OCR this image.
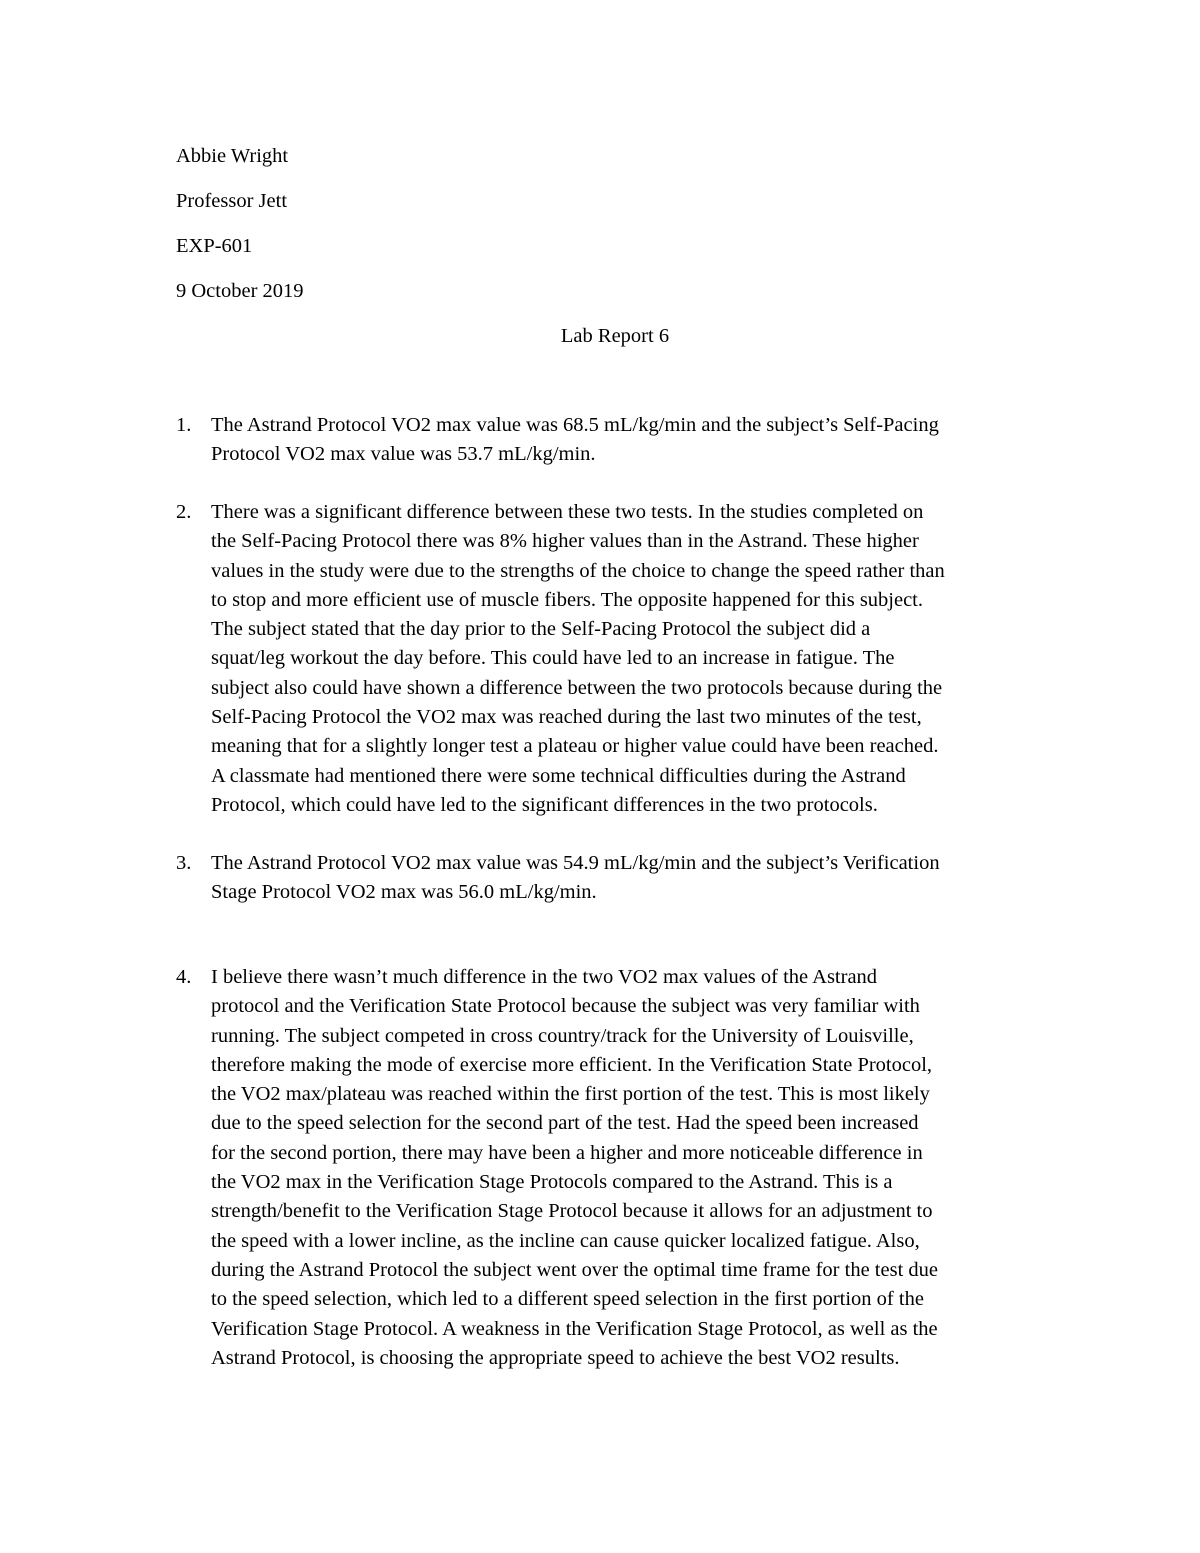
Abbie Wright
Professor Jett
EXP-601
9 October 2019
Lab Report 6
1. The Astrand Protocol VO2 max value was 68.5 mL/kg/min and the subject’s Self-Pacing
Protocol VO2 max value was 53.7 mL/kg/min.
2. There was a significant difference between these two tests. In the studies completed on
the Self-Pacing Protocol there was 8% higher values than in the Astrand. These higher
values in the study were due to the strengths of the choice to change the speed rather than
to stop and more efficient use of muscle fibers. The opposite happened for this subject.
The subject stated that the day prior to the Self-Pacing Protocol the subject did a
squat/leg workout the day before. This could have led to an increase in fatigue. The
subject also could have shown a difference between the two protocols because during the
Self-Pacing Protocol the VO2 max was reached during the last two minutes of the test,
meaning that for a slightly longer test a plateau or higher value could have been reached.
A classmate had mentioned there were some technical difficulties during the Astrand
Protocol, which could have led to the significant differences in the two protocols.
3. The Astrand Protocol VO2 max value was 54.9 mL/kg/min and the subject’s Verification
Stage Protocol VO2 max was 56.0 mL/kg/min.
4. I believe there wasn’t much difference in the two VO2 max values of the Astrand
protocol and the Verification State Protocol because the subject was very familiar with
running. The subject competed in cross country/track for the University of Louisville,
therefore making the mode of exercise more efficient. In the Verification State Protocol,
the VO2 max/plateau was reached within the first portion of the test. This is most likely
due to the speed selection for the second part of the test. Had the speed been increased
for the second portion, there may have been a higher and more noticeable difference in
the VO2 max in the Verification Stage Protocols compared to the Astrand. This is a
strength/benefit to the Verification Stage Protocol because it allows for an adjustment to
the speed with a lower incline, as the incline can cause quicker localized fatigue. Also,
during the Astrand Protocol the subject went over the optimal time frame for the test due
to the speed selection, which led to a different speed selection in the first portion of the
Verification Stage Protocol. A weakness in the Verification Stage Protocol, as well as the
Astrand Protocol, is choosing the appropriate speed to achieve the best VO2 results.
